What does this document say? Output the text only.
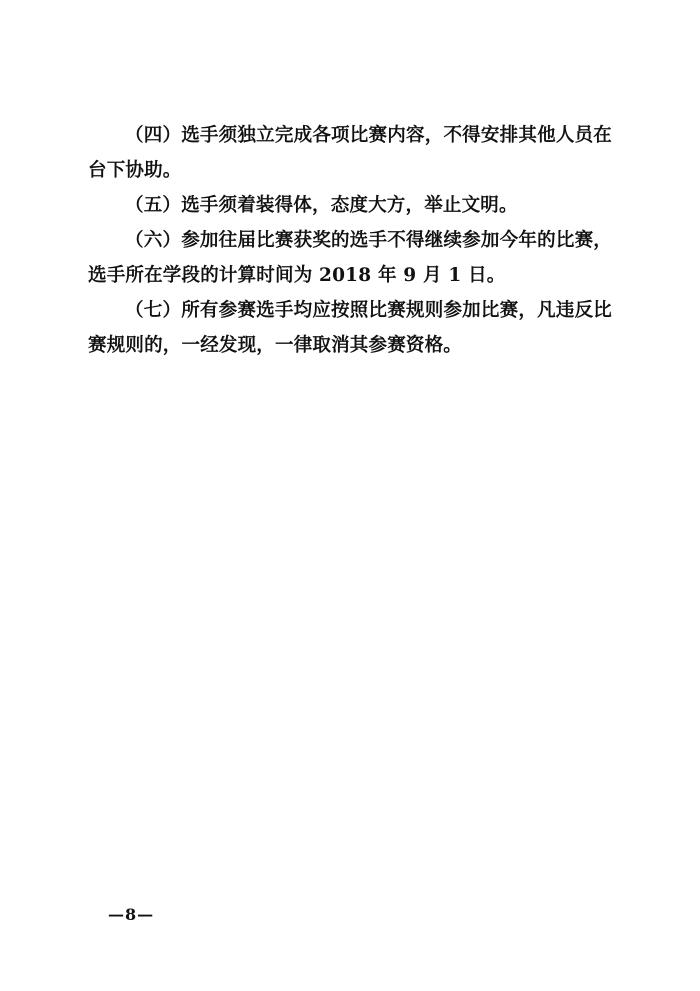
（四）选手须独立完成各项比赛内容，不得安排其他人员在台下协助。

（五）选手须着装得体，态度大方，举止文明。

（六）参加往届比赛获奖的选手不得继续参加今年的比赛，选手所在学段的计算时间为 2018 年 9 月 1 日。

（七）所有参赛选手均应按照比赛规则参加比赛，凡违反比赛规则的，一经发现，一律取消其参赛资格。

—8—
